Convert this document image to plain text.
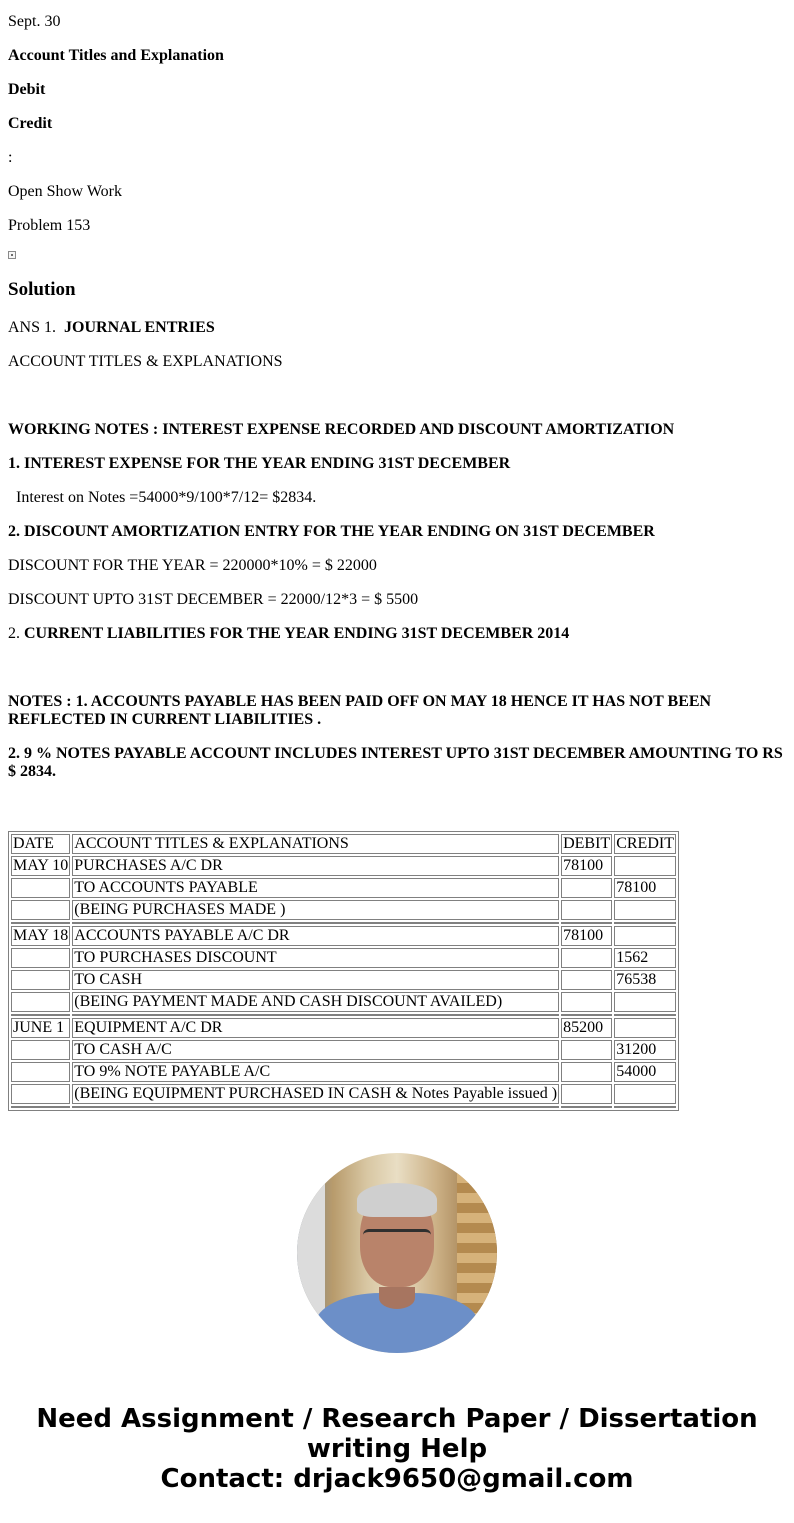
Sept. 30

Account Titles and Explanation

Debit

Credit

:

Open Show Work

Problem 153

Solution

ANS 1. JOURNAL ENTRIES

ACCOUNT TITLES & EXPLANATIONS

WORKING NOTES : INTEREST EXPENSE RECORDED AND DISCOUNT AMORTIZATION

1. INTEREST EXPENSE FOR THE YEAR ENDING 31ST DECEMBER

Interest on Notes =54000*9/100*7/12= $2834.

2. DISCOUNT AMORTIZATION ENTRY FOR THE YEAR ENDING ON 31ST DECEMBER

DISCOUNT FOR THE YEAR = 220000*10% = $ 22000

DISCOUNT UPTO 31ST DECEMBER = 22000/12*3 = $ 5500

2. CURRENT LIABILITIES FOR THE YEAR ENDING 31ST DECEMBER 2014

NOTES : 1. ACCOUNTS PAYABLE HAS BEEN PAID OFF ON MAY 18 HENCE IT HAS NOT BEEN REFLECTED IN CURRENT LIABILITIES .

2. 9 % NOTES PAYABLE ACCOUNT INCLUDES INTEREST UPTO 31ST DECEMBER AMOUNTING TO RS $ 2834.

DATE	ACCOUNT TITLES & EXPLANATIONS	DEBIT	CREDIT
MAY 10	PURCHASES A/C DR	78100	
	TO ACCOUNTS PAYABLE		78100
	(BEING PURCHASES MADE )		

MAY 18	ACCOUNTS PAYABLE A/C DR	78100	
	TO PURCHASES DISCOUNT		1562
	TO CASH		76538
	(BEING PAYMENT MADE AND CASH DISCOUNT AVAILED)		

JUNE 1	EQUIPMENT A/C DR	85200	
	TO CASH A/C		31200
	TO 9% NOTE PAYABLE A/C		54000
	(BEING EQUIPMENT PURCHASED IN CASH & Notes Payable issued )		

Need Assignment / Research Paper / Dissertation

writing Help

Contact: drjack9650@gmail.com
